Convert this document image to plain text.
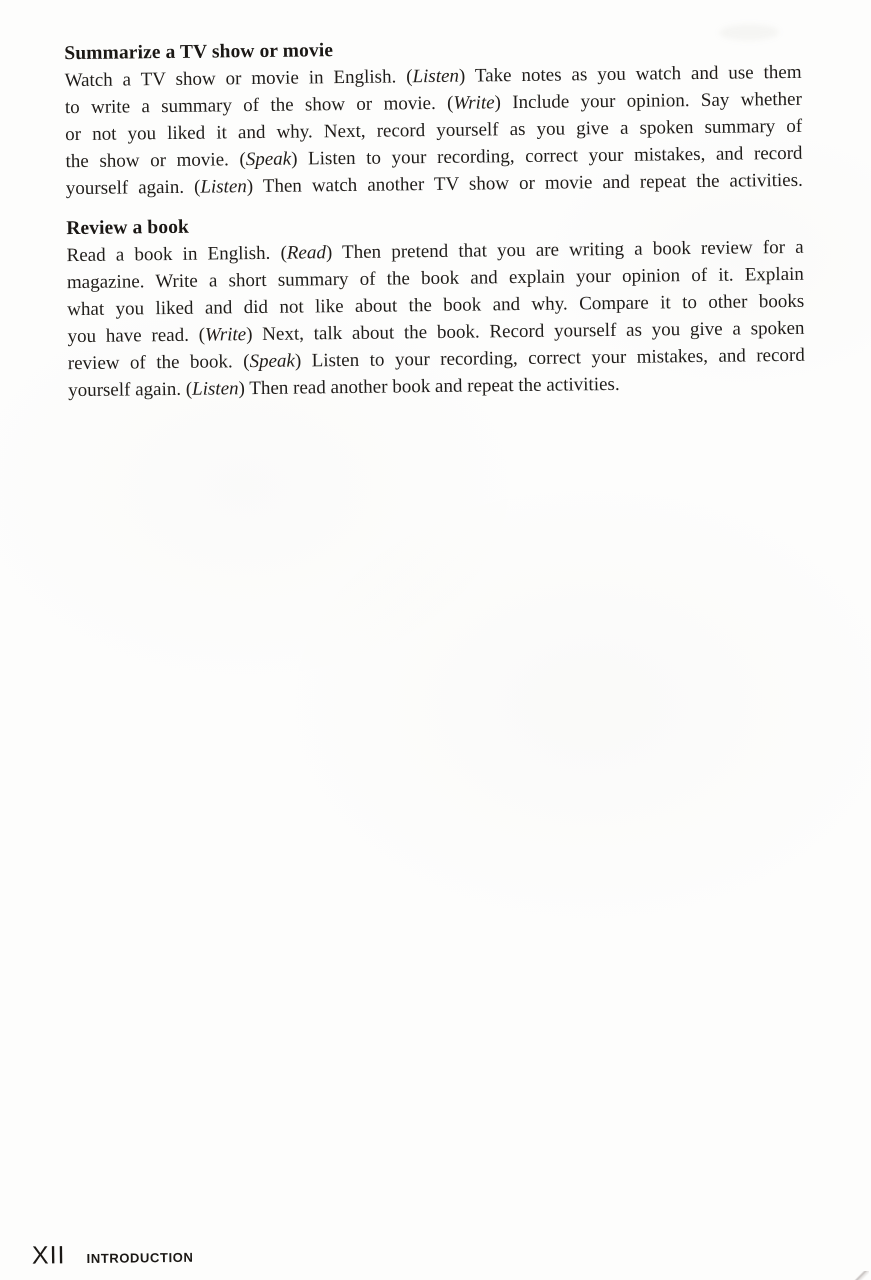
Summarize a TV show or movie
Watch a TV show or movie in English. (Listen) Take notes as you watch and use them
to write a summary of the show or movie. (Write) Include your opinion. Say whether
or not you liked it and why. Next, record yourself as you give a spoken summary of
the show or movie. (Speak) Listen to your recording, correct your mistakes, and record
yourself again. (Listen) Then watch another TV show or movie and repeat the activities.
Review a book
Read a book in English. (Read) Then pretend that you are writing a book review for a
magazine. Write a short summary of the book and explain your opinion of it. Explain
what you liked and did not like about the book and why. Compare it to other books
you have read. (Write) Next, talk about the book. Record yourself as you give a spoken
review of the book. (Speak) Listen to your recording, correct your mistakes, and record
yourself again. (Listen) Then read another book and repeat the activities.
XII INTRODUCTION
